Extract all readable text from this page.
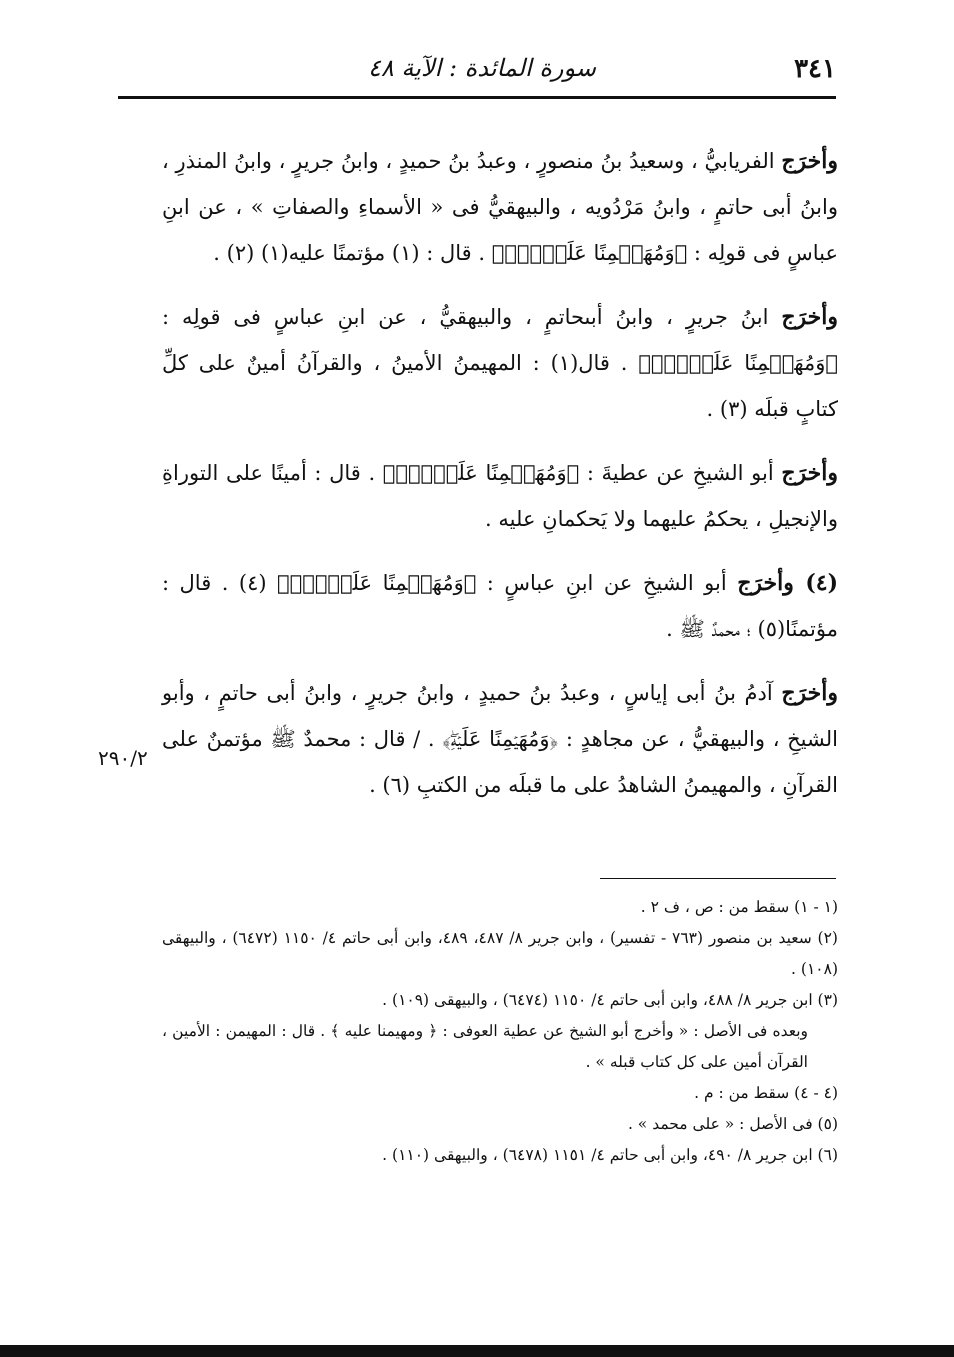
٣٤١
سورة المائدة : الآية ٤٨
٢٩٠/٢

وأخرَج الفريابيُّ ، وسعيدُ بنُ منصورٍ ، وعبدُ بنُ حميدٍ ، وابنُ جريرٍ ، وابنُ المنذرِ ، وابنُ أبى حاتمٍ ، وابنُ مَرْدُويه ، والبيهقيُّ فى « الأسماءِ والصفاتِ » ، عن ابنِ عباسٍ فى قولِه : ﴿وَمُهَيۡمِنًا عَلَيۡهِۖ﴾ . قال : (١) مؤتمنًا عليه(١) (٢) .

وأخرَج ابنُ جريرٍ ، وابنُ أبىحاتمٍ ، والبيهقيُّ ، عن ابنِ عباسٍ فى قولِه : ﴿وَمُهَيۡمِنًا عَلَيۡهِۖ﴾ . قال(١) : المهيمنُ الأمينُ ، والقرآنُ أمينٌ على كلِّ كتابٍ قبلَه (٣) .

وأخرَج أبو الشيخِ عن عطيةَ : ﴿وَمُهَيۡمِنًا عَلَيۡهِۖ﴾ . قال : أمينًا على التوراةِ والإنجيلِ ، يحكمُ عليهما ولا يَحكمانِ عليه .

(٤) وأخرَج أبو الشيخِ عن ابنِ عباسٍ : ﴿وَمُهَيۡمِنًا عَلَيۡهِۖ﴾ (٤) . قال : مؤتمنًا(٥) ؛ محمدٌ ﷺ .

وأخرَج آدمُ بنُ أبى إياسٍ ، وعبدُ بنُ حميدٍ ، وابنُ جريرٍ ، وابنُ أبى حاتمٍ ، وأبو الشيخِ ، والبيهقيُّ ، عن مجاهدٍ : ﴿وَمُهَيۡمِنًا عَلَيۡهِۖ﴾ . / قال : محمدٌ ﷺ مؤتمنٌ على القرآنِ ، والمهيمنُ الشاهدُ على ما قبلَه من الكتبِ (٦) .

(١ - ١) سقط من : ص ، ف ٢ .

(٢) سعيد بن منصور (٧٦٣ - تفسير) ، وابن جرير ٨/ ٤٨٧، ٤٨٩، وابن أبى حاتم ٤/ ١١٥٠ (٦٤٧٢) ، والبيهقى (١٠٨) .

(٣) ابن جرير ٨/ ٤٨٨، وابن أبى حاتم ٤/ ١١٥٠ (٦٤٧٤) ، والبيهقى (١٠٩) .

وبعده فى الأصل : « وأخرج أبو الشيخ عن عطية العوفى : ﴿ ومهيمنا عليه ﴾ . قال : المهيمن : الأمين ، القرآن أمين على كل كتاب قبله » .

(٤ - ٤) سقط من : م .

(٥) فى الأصل : « على محمد » .

(٦) ابن جرير ٨/ ٤٩٠، وابن أبى حاتم ٤/ ١١٥١ (٦٤٧٨) ، والبيهقى (١١٠) .
